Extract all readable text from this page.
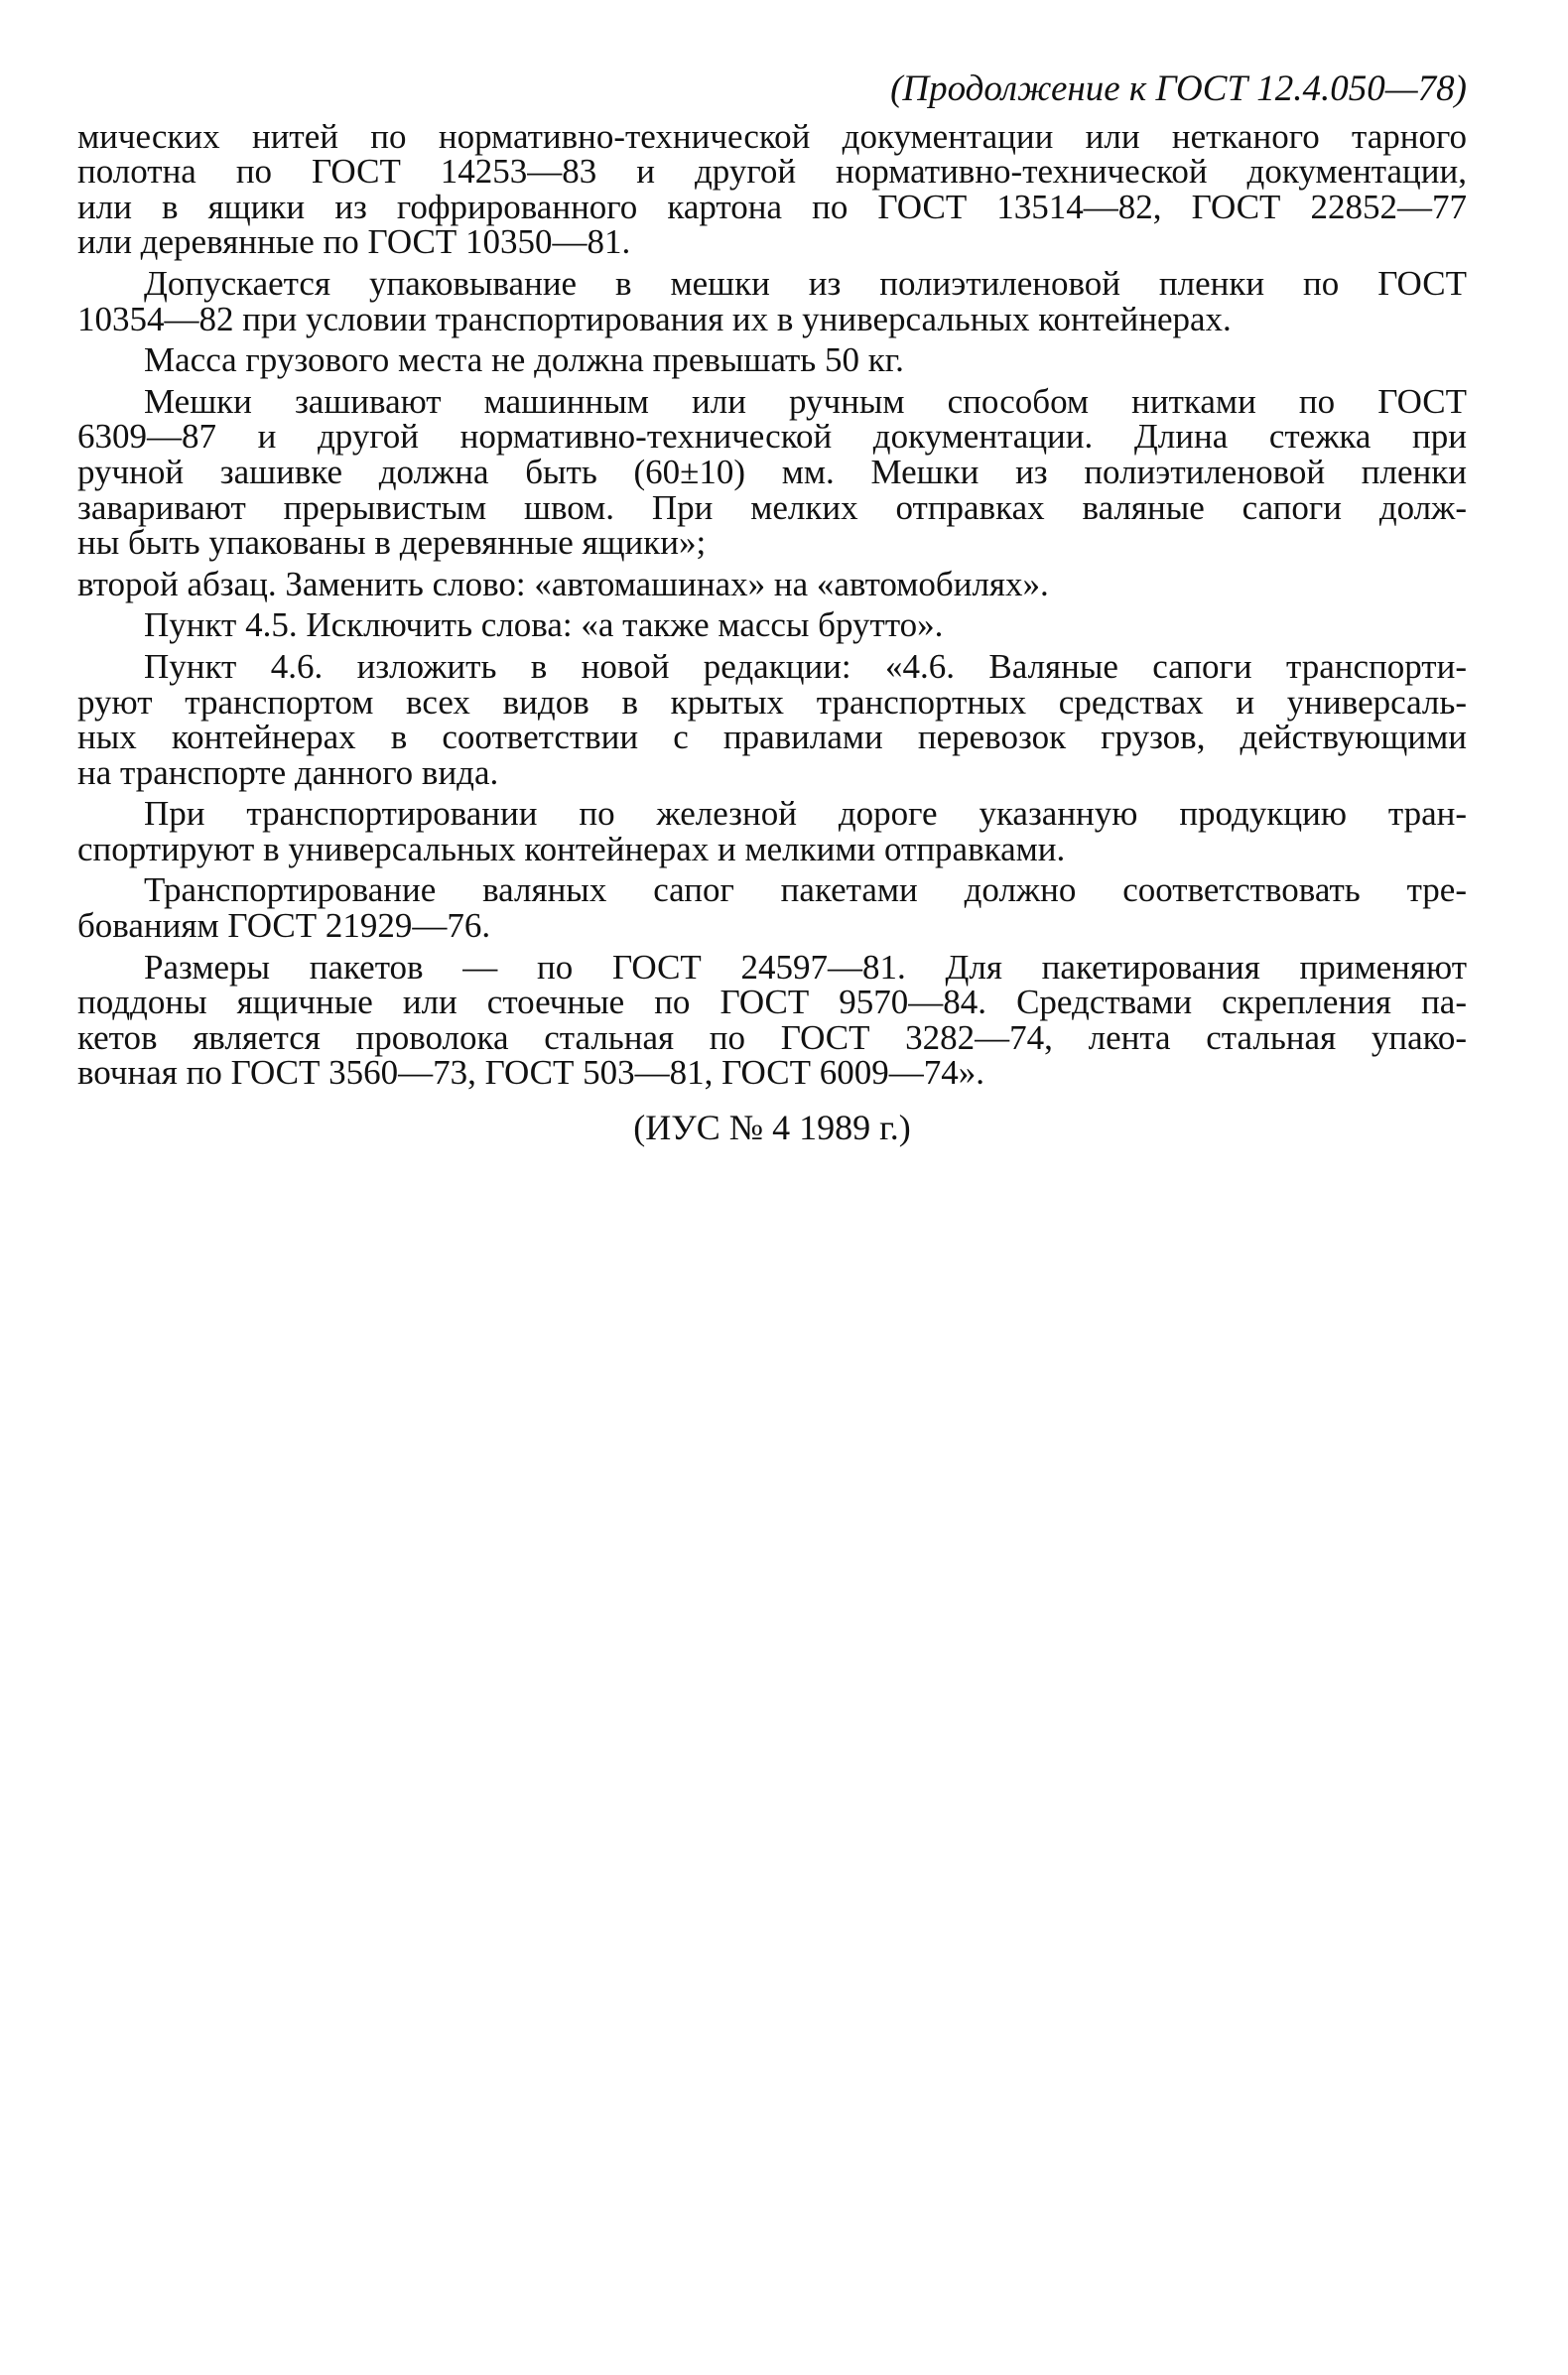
(Продолжение к ГОСТ 12.4.050—78)
мических нитей по нормативно-технической документации или нетканого тарного
полотна по ГОСТ 14253—83 и другой нормативно-технической документации,
или в ящики из гофрированного картона по ГОСТ 13514—82, ГОСТ 22852—77
или деревянные по ГОСТ 10350—81.
Допускается упаковывание в мешки из полиэтиленовой пленки по ГОСТ
10354—82 при условии транспортирования их в универсальных контейнерах.
Масса грузового места не должна превышать 50 кг.
Мешки зашивают машинным или ручным способом нитками по ГОСТ
6309—87 и другой нормативно-технической документации. Длина стежка при
ручной зашивке должна быть (60±10) мм. Мешки из полиэтиленовой пленки
заваривают прерывистым швом. При мелких отправках валяные сапоги долж-
ны быть упакованы в деревянные ящики»;
второй абзац. Заменить слово: «автомашинах» на «автомобилях».
Пункт 4.5. Исключить слова: «а также массы брутто».
Пункт 4.6. изложить в новой редакции: «4.6. Валяные сапоги транспорти-
руют транспортом всех видов в крытых транспортных средствах и универсаль-
ных контейнерах в соответствии с правилами перевозок грузов, действующими
на транспорте данного вида.
При транспортировании по железной дороге указанную продукцию тран-
спортируют в универсальных контейнерах и мелкими отправками.
Транспортирование валяных сапог пакетами должно соответствовать тре-
бованиям ГОСТ 21929—76.
Размеры пакетов — по ГОСТ 24597—81. Для пакетирования применяют
поддоны ящичные или стоечные по ГОСТ 9570—84. Средствами скрепления па-
кетов является проволока стальная по ГОСТ 3282—74, лента стальная упако-
вочная по ГОСТ 3560—73, ГОСТ 503—81, ГОСТ 6009—74».
(ИУС № 4 1989 г.)
